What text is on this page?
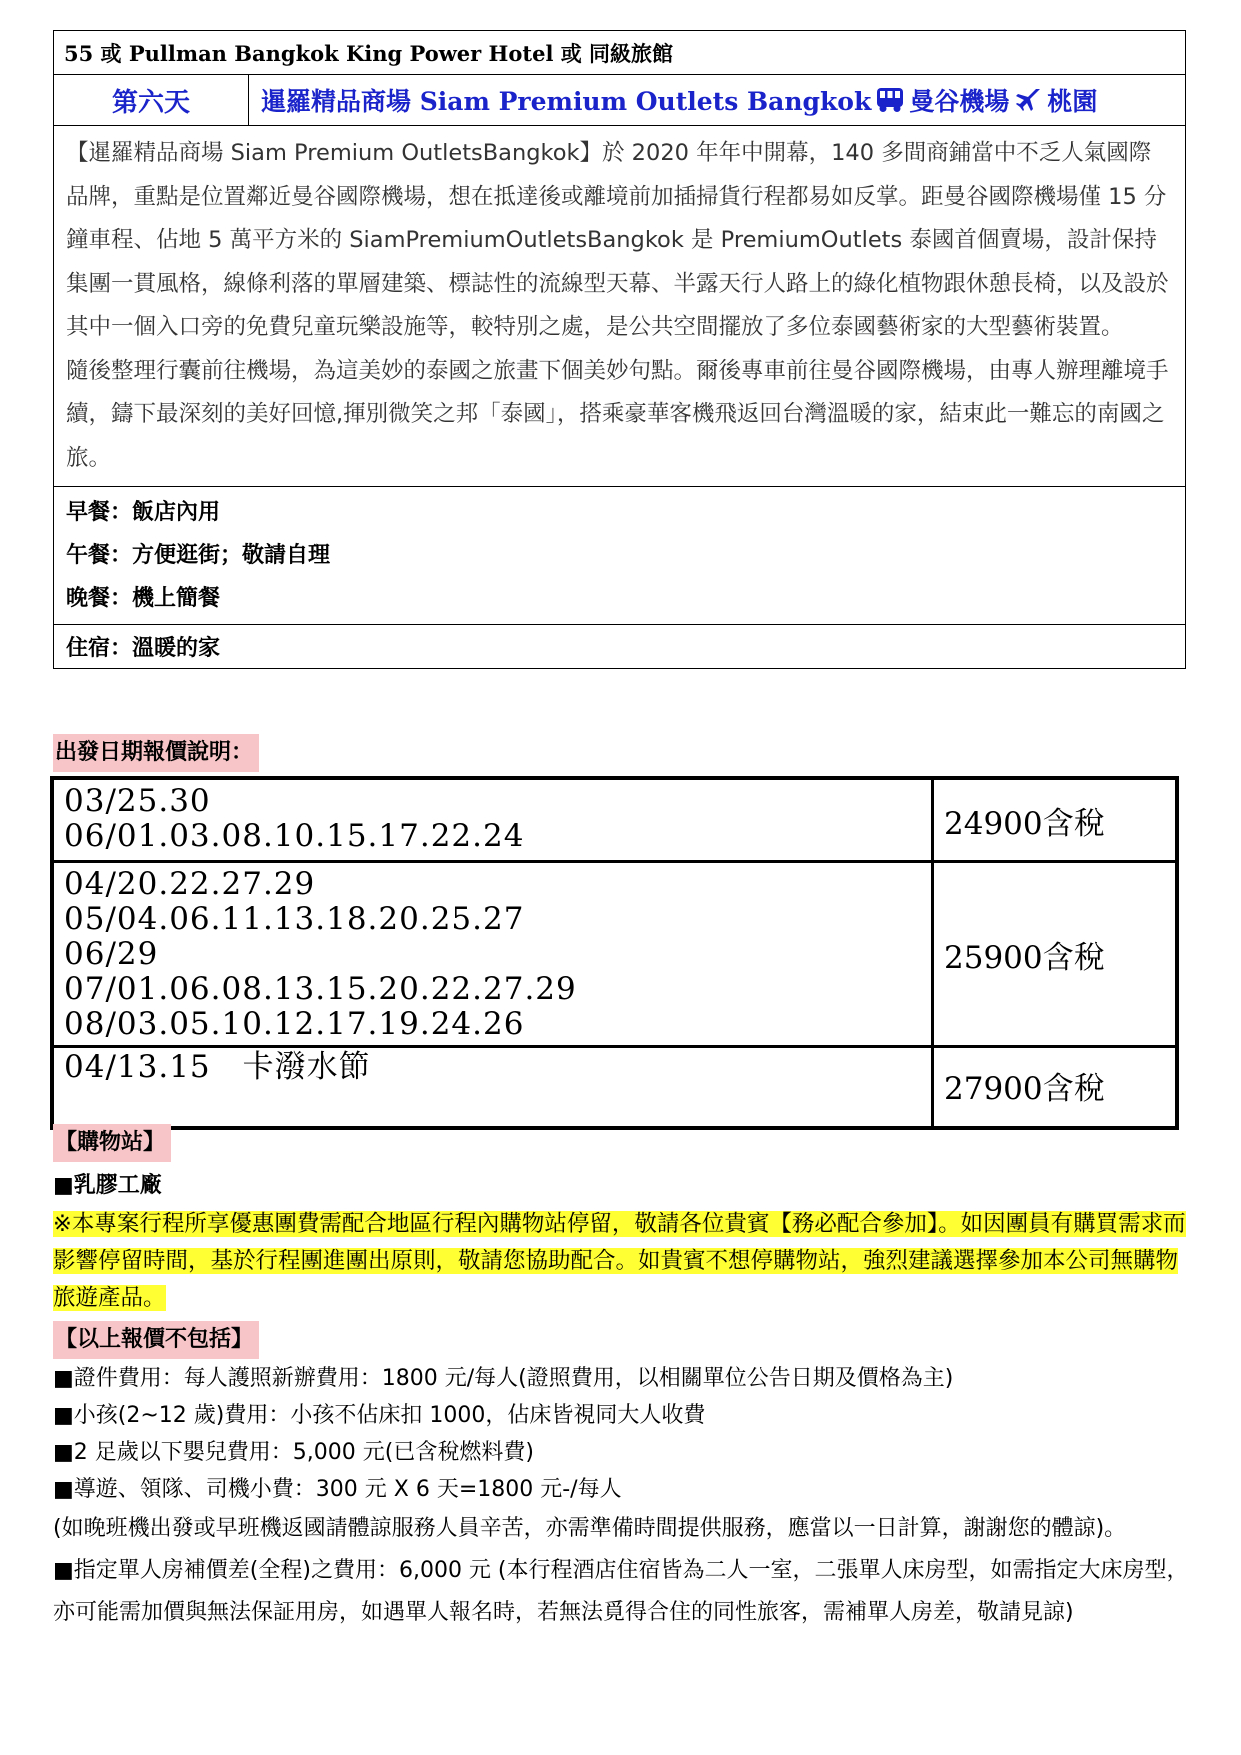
55 或 Pullman Bangkok King Power Hotel 或 同級旅館
第六天	暹羅精品商場 Siam Premium Outlets Bangkok 曼谷機場 桃園

【暹羅精品商場 Siam Premium OutletsBangkok】於 2020 年年中開幕，140 多間商鋪當中不乏人氣國際品牌，重點是位置鄰近曼谷國際機場，想在抵達後或離境前加插掃貨行程都易如反掌。距曼谷國際機場僅 15 分鐘車程、佔地 5 萬平方米的 SiamPremiumOutletsBangkok 是 PremiumOutlets 泰國首個賣場，設計保持集團一貫風格，線條利落的單層建築、標誌性的流線型天幕、半露天行人路上的綠化植物跟休憩長椅，以及設於其中一個入口旁的免費兒童玩樂設施等，較特別之處，是公共空間擺放了多位泰國藝術家的大型藝術裝置。

隨後整理行囊前往機場，為這美妙的泰國之旅畫下個美妙句點。爾後專車前往曼谷國際機場，由專人辦理離境手續，鑄下最深刻的美好回憶,揮別微笑之邦「泰國」，搭乘豪華客機飛返回台灣溫暖的家，結束此一難忘的南國之旅。

早餐：飯店內用
午餐：方便逛街；敬請自理
晚餐：機上簡餐
住宿：溫暖的家
出發日期報價說明：
03/25.30
06/01.03.08.10.15.17.22.24	24900含稅
04/20.22.27.29
05/04.06.11.13.18.20.25.27
06/29
07/01.06.08.13.15.20.22.27.29
08/03.05.10.12.17.19.24.26
25900含稅
04/13.15　卡潑水節
27900含稅
【購物站】
■乳膠工廠
※本專案行程所享優惠團費需配合地區行程內購物站停留，敬請各位貴賓【務必配合參加】。如因團員有購買需求而影響停留時間，基於行程團進團出原則，敬請您協助配合。如貴賓不想停購物站，強烈建議選擇參加本公司無購物旅遊產品。
【以上報價不包括】
■證件費用：每人護照新辦費用：1800 元/每人(證照費用，以相關單位公告日期及價格為主)
■小孩(2~12 歲)費用：小孩不佔床扣 1000，佔床皆視同大人收費
■2 足歲以下嬰兒費用：5,000 元(已含稅燃料費)
■導遊、領隊、司機小費：300 元 X 6 天=1800 元-/每人
(如晚班機出發或早班機返國請體諒服務人員辛苦，亦需準備時間提供服務，應當以一日計算，謝謝您的體諒)。
■指定單人房補價差(全程)之費用：6,000 元 (本行程酒店住宿皆為二人一室，二張單人床房型，如需指定大床房型，亦可能需加價與無法保証用房，如遇單人報名時，若無法覓得合住的同性旅客，需補單人房差，敬請見諒)
